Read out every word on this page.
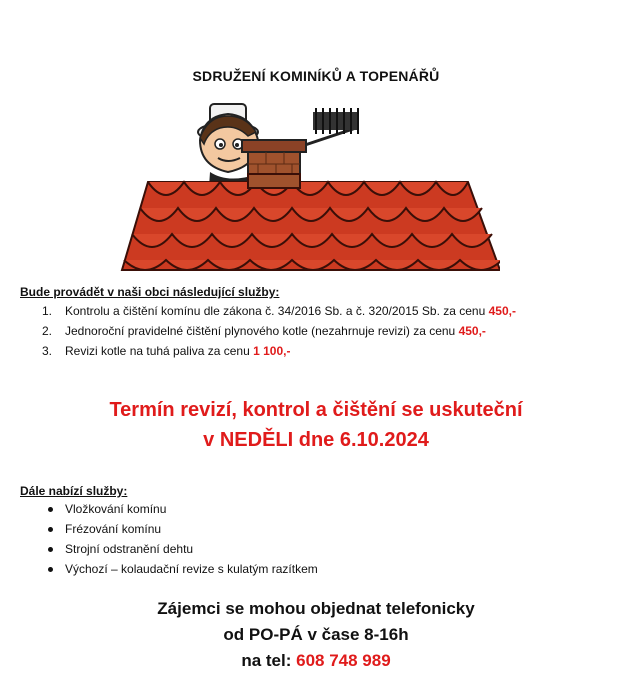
SDRUŽENÍ KOMINÍKŮ A TOPENÁŘŮ
Bude provádět v naši obci následující služby:
1. Kontrolu a čištění komínu dle zákona č. 34/2016 Sb. a č. 320/2015 Sb. za cenu 450,-
2. Jednoroční pravidelné čištění plynového kotle (nezahrnuje revizi) za cenu 450,-
3. Revizi kotle na tuhá paliva za cenu 1 100,-
Termín revizí, kontrol a čištění se uskuteční
v NEDĚLI dne 6.10.2024
Dále nabízí služby:
Vložkování komínu
Frézování komínu
Strojní odstranění dehtu
Výchozí – kolaudační revize s kulatým razítkem
Zájemci se mohou objednat telefonicky
od PO-PÁ v čase 8-16h
na tel: 608 748 989
